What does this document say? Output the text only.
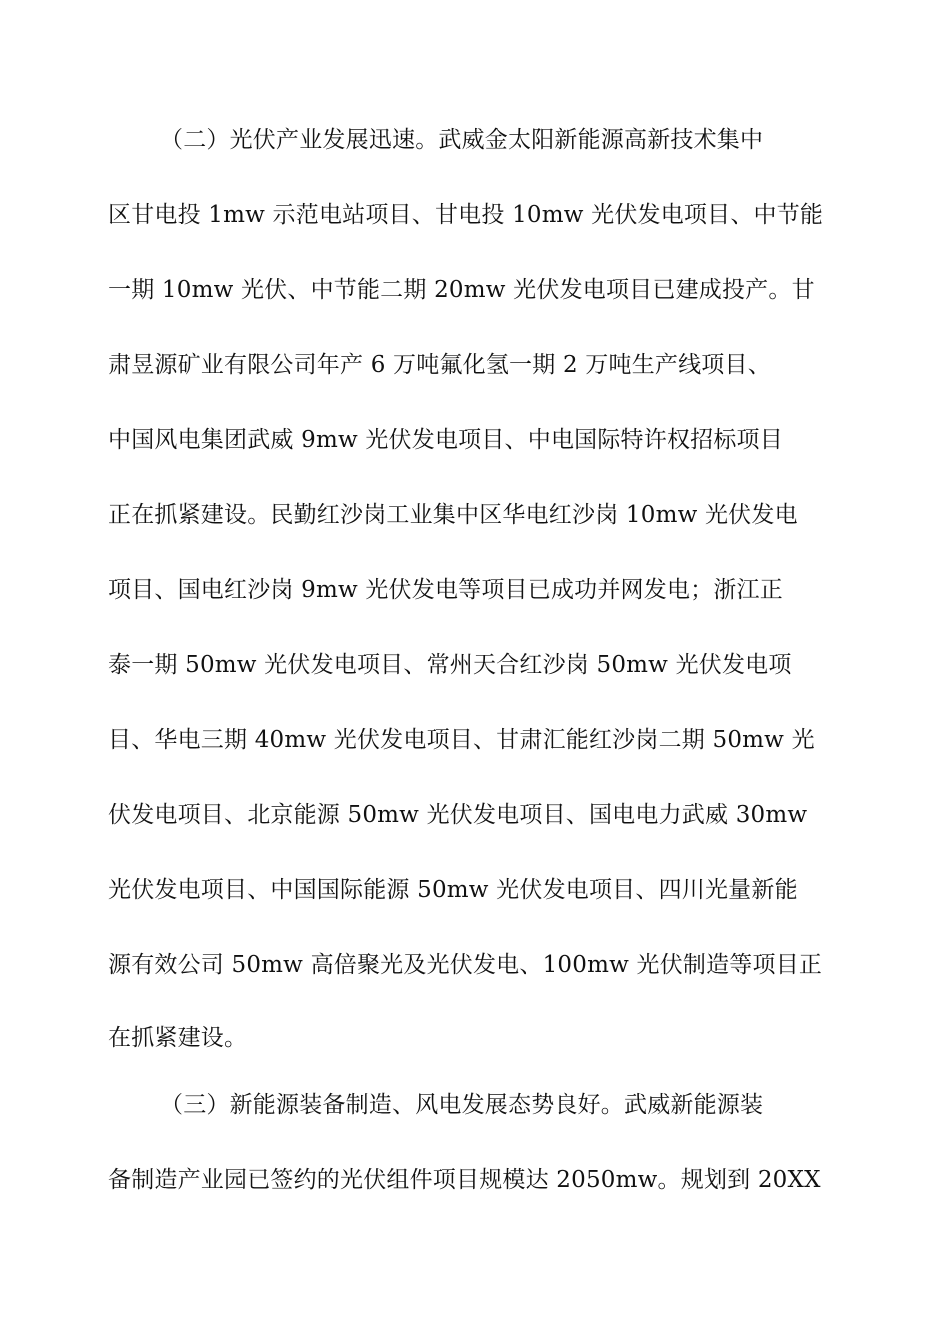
（二）光伏产业发展迅速。武威金太阳新能源高新技术集中
区甘电投 1mw 示范电站项目、甘电投 10mw 光伏发电项目、中节能
一期 10mw 光伏、中节能二期 20mw 光伏发电项目已建成投产。甘
肃昱源矿业有限公司年产 6 万吨氟化氢一期 2 万吨生产线项目、
中国风电集团武威 9mw 光伏发电项目、中电国际特许权招标项目
正在抓紧建设。民勤红沙岗工业集中区华电红沙岗 10mw 光伏发电
项目、国电红沙岗 9mw 光伏发电等项目已成功并网发电；浙江正
泰一期 50mw 光伏发电项目、常州天合红沙岗 50mw 光伏发电项
目、华电三期 40mw 光伏发电项目、甘肃汇能红沙岗二期 50mw 光
伏发电项目、北京能源 50mw 光伏发电项目、国电电力武威 30mw
光伏发电项目、中国国际能源 50mw 光伏发电项目、四川光量新能
源有效公司 50mw 高倍聚光及光伏发电、100mw 光伏制造等项目正
在抓紧建设。
（三）新能源装备制造、风电发展态势良好。武威新能源装
备制造产业园已签约的光伏组件项目规模达 2050mw。规划到 20XX
